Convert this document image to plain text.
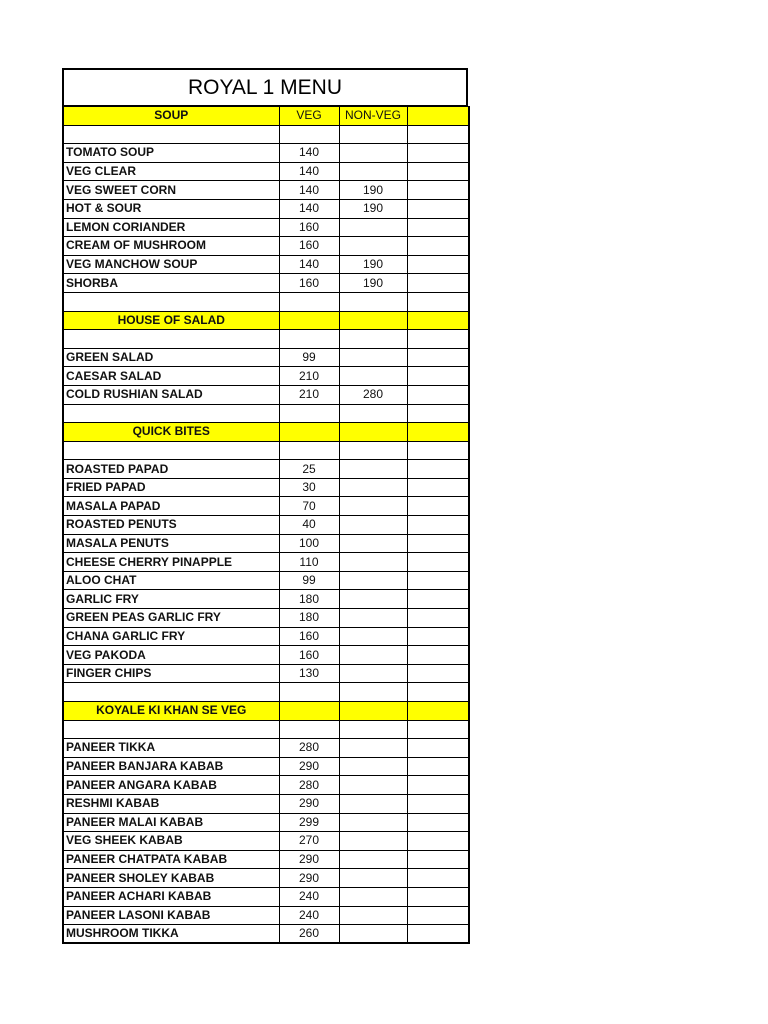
ROYAL 1 MENU
SOUP	VEG	NON-VEG	

TOMATO SOUP	140		
VEG CLEAR	140		
VEG SWEET CORN	140	190	
HOT & SOUR	140	190	
LEMON CORIANDER	160		
CREAM OF MUSHROOM	160		
VEG MANCHOW SOUP	140	190	
SHORBA	160	190	

HOUSE OF SALAD			

GREEN SALAD	99		
CAESAR SALAD	210		
COLD RUSHIAN SALAD	210	280	

QUICK BITES			

ROASTED PAPAD	25		
FRIED PAPAD	30		
MASALA PAPAD	70		
ROASTED PENUTS	40		
MASALA PENUTS	100		
CHEESE CHERRY PINAPPLE	110		
ALOO CHAT	99		
GARLIC FRY	180		
GREEN PEAS GARLIC FRY	180		
CHANA GARLIC FRY	160		
VEG PAKODA	160		
FINGER CHIPS	130		

KOYALE KI KHAN SE VEG			

PANEER TIKKA	280		
PANEER BANJARA KABAB	290		
PANEER ANGARA KABAB	280		
RESHMI KABAB	290		
PANEER MALAI KABAB	299		
VEG SHEEK KABAB	270		
PANEER CHATPATA KABAB	290		
PANEER SHOLEY KABAB	290		
PANEER ACHARI KABAB	240		
PANEER LASONI KABAB	240		
MUSHROOM TIKKA	260		
